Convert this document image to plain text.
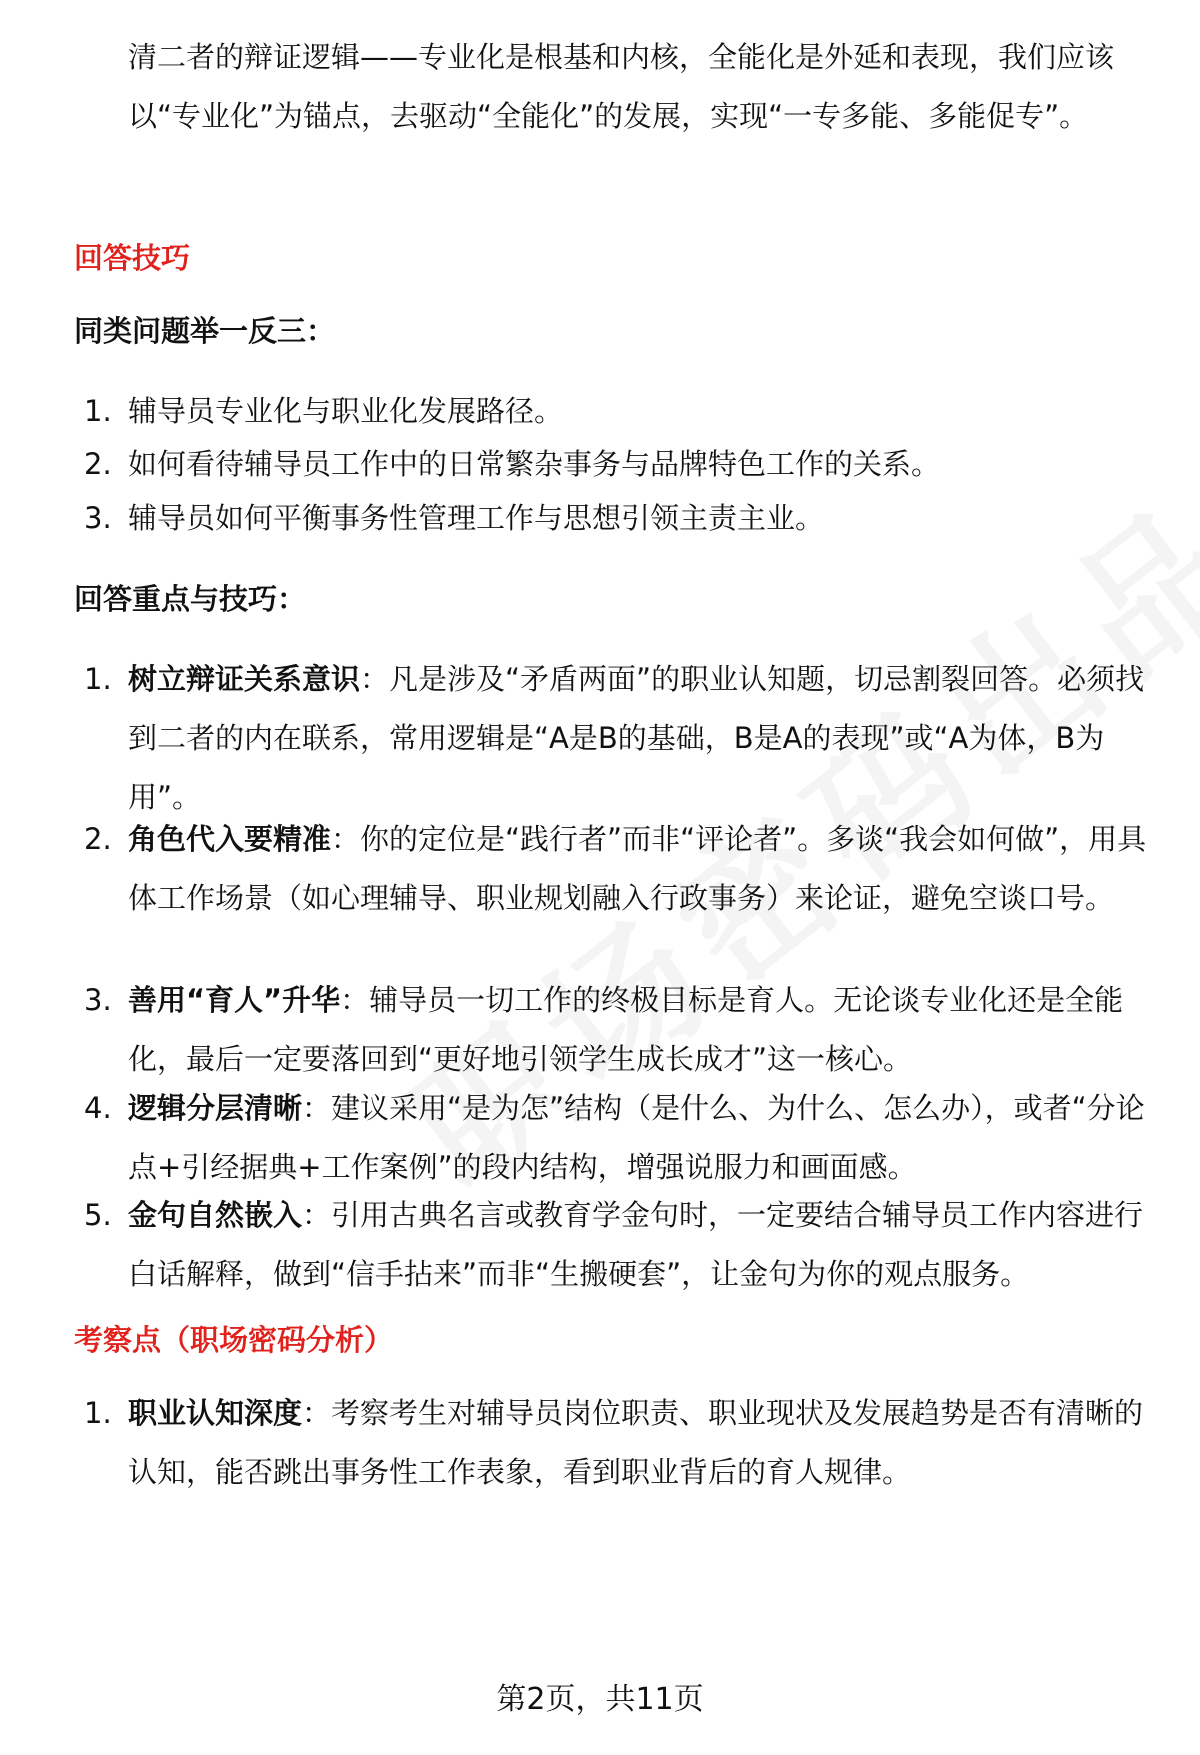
清二者的辩证逻辑——专业化是根基和内核，全能化是外延和表现，我们应该以“专业化”为锚点，去驱动“全能化”的发展，实现“一专多能、多能促专”。

回答技巧
同类问题举一反三：
1. 辅导员专业化与职业化发展路径。
2. 如何看待辅导员工作中的日常繁杂事务与品牌特色工作的关系。
3. 辅导员如何平衡事务性管理工作与思想引领主责主业。
回答重点与技巧：
1. 树立辩证关系意识：凡是涉及“矛盾两面”的职业认知题，切忌割裂回答。必须找到二者的内在联系，常用逻辑是“A是B的基础，B是A的表现”或“A为体，B为用”。
2. 角色代入要精准：你的定位是“践行者”而非“评论者”。多谈“我会如何做”，用具体工作场景（如心理辅导、职业规划融入行政事务）来论证，避免空谈口号。
3. 善用“育人”升华：辅导员一切工作的终极目标是育人。无论谈专业化还是全能化，最后一定要落回到“更好地引领学生成长成才”这一核心。
4. 逻辑分层清晰：建议采用“是为怎”结构（是什么、为什么、怎么办），或者“分论点+引经据典+工作案例”的段内结构，增强说服力和画面感。
5. 金句自然嵌入：引用古典名言或教育学金句时，一定要结合辅导员工作内容进行白话解释，做到“信手拈来”而非“生搬硬套”，让金句为你的观点服务。
考察点（职场密码分析）
1. 职业认知深度：考察考生对辅导员岗位职责、职业现状及发展趋势是否有清晰的认知，能否跳出事务性工作表象，看到职业背后的育人规律。
第2页，共11页
